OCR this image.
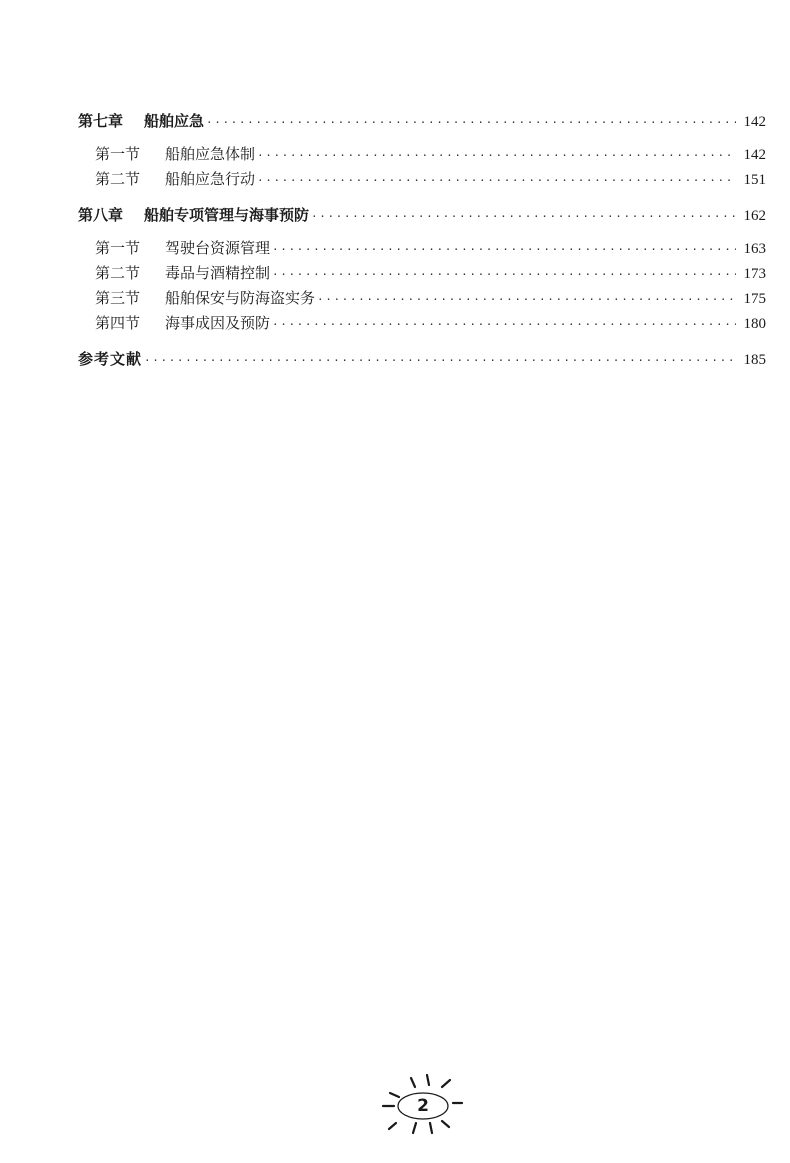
第七章	船舶应急 ·····	142
第一节	船舶应急体制 ·····	142
第二节	船舶应急行动 ·····	151
第八章	船舶专项管理与海事预防 ·····	162
第一节	驾驶台资源管理 ·····	163
第二节	毒品与酒精控制 ·····	173
第三节	船舶保安与防海盗实务 ·····	175
第四节	海事成因及预防 ·····	180
参考文献 ·····	185
2
